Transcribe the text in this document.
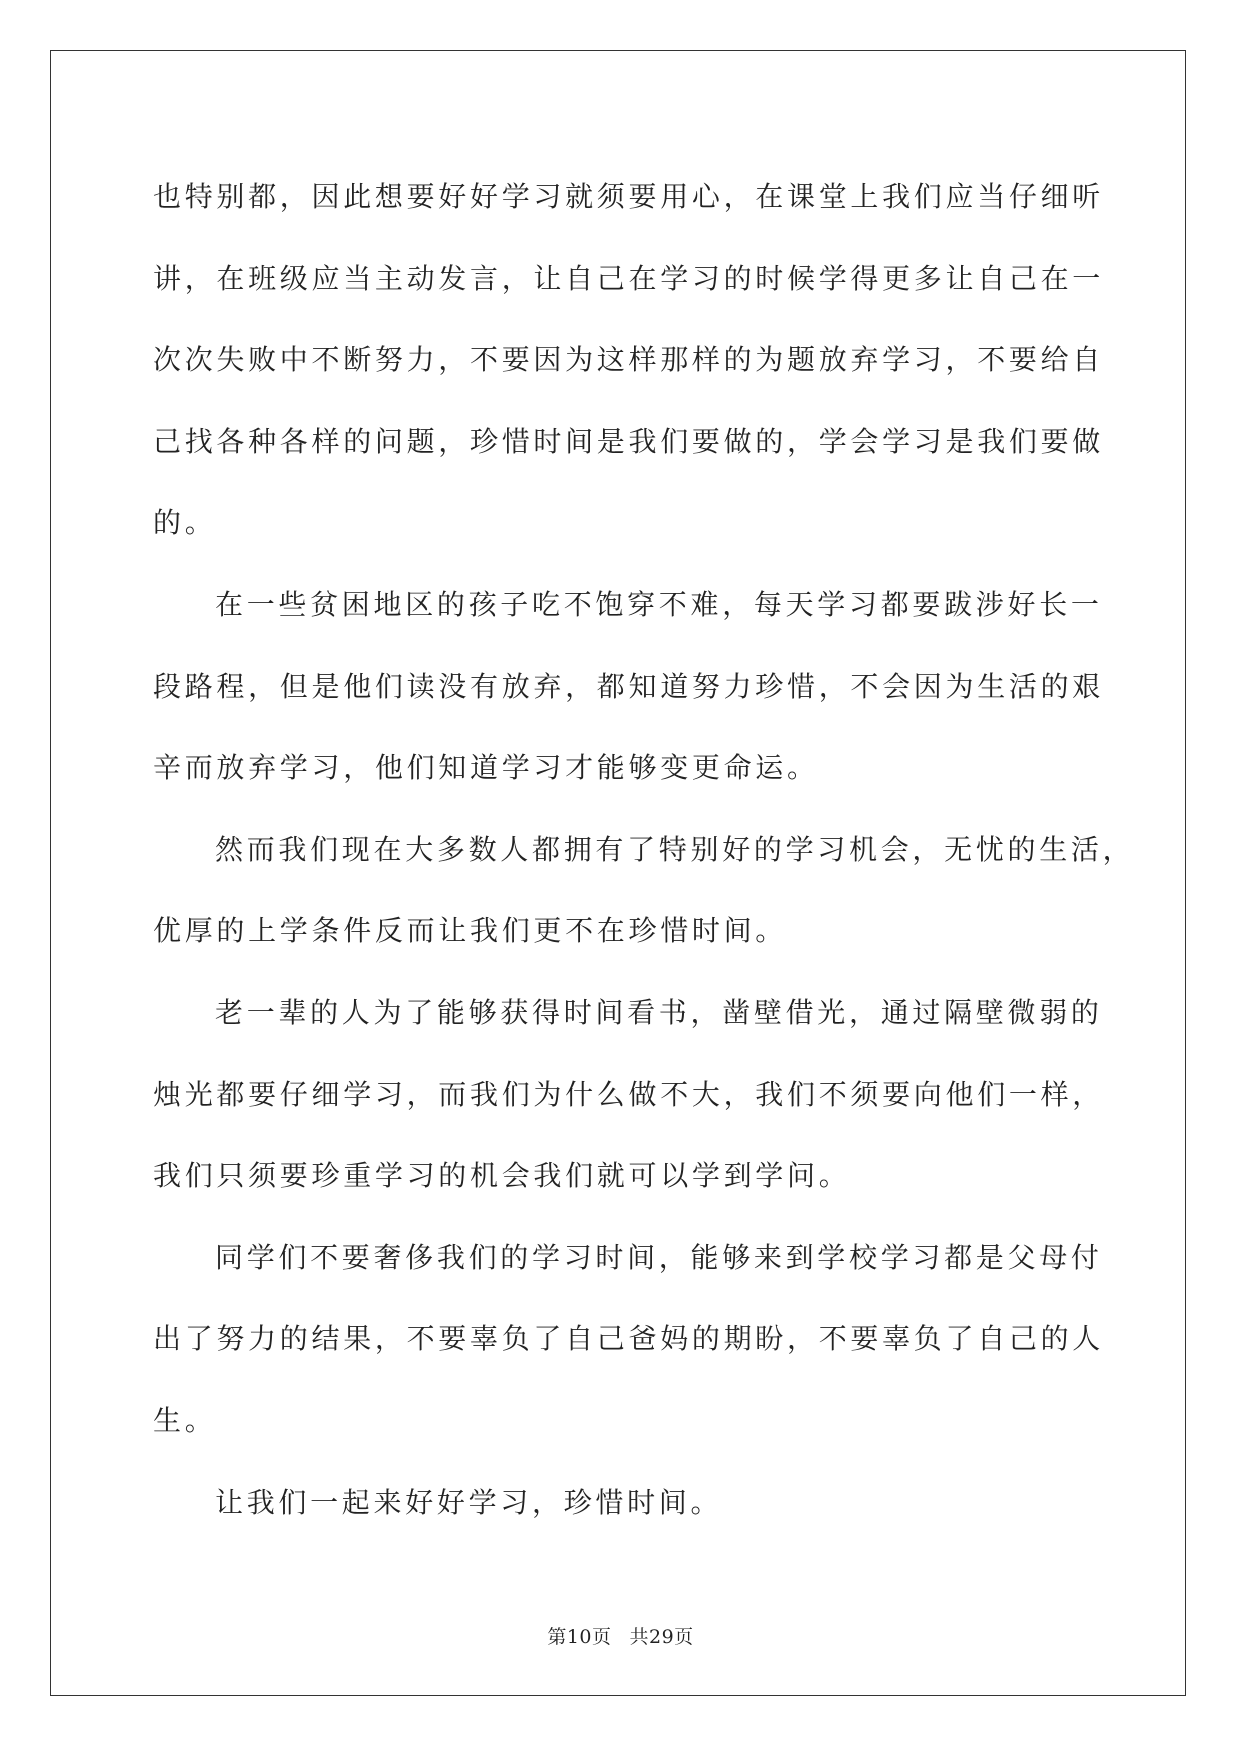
也特别都，因此想要好好学习就须要用心，在课堂上我们应当仔细听

讲，在班级应当主动发言，让自己在学习的时候学得更多让自己在一

次次失败中不断努力，不要因为这样那样的为题放弃学习，不要给自

己找各种各样的问题，珍惜时间是我们要做的，学会学习是我们要做

的。

在一些贫困地区的孩子吃不饱穿不难，每天学习都要跋涉好长一

段路程，但是他们读没有放弃，都知道努力珍惜，不会因为生活的艰

辛而放弃学习，他们知道学习才能够变更命运。

然而我们现在大多数人都拥有了特别好的学习机会，无忧的生活，

优厚的上学条件反而让我们更不在珍惜时间。

老一辈的人为了能够获得时间看书，凿壁借光，通过隔壁微弱的

烛光都要仔细学习，而我们为什么做不大，我们不须要向他们一样，

我们只须要珍重学习的机会我们就可以学到学问。

同学们不要奢侈我们的学习时间，能够来到学校学习都是父母付

出了努力的结果，不要辜负了自己爸妈的期盼，不要辜负了自己的人

生。

让我们一起来好好学习，珍惜时间。

第10页 共29页
